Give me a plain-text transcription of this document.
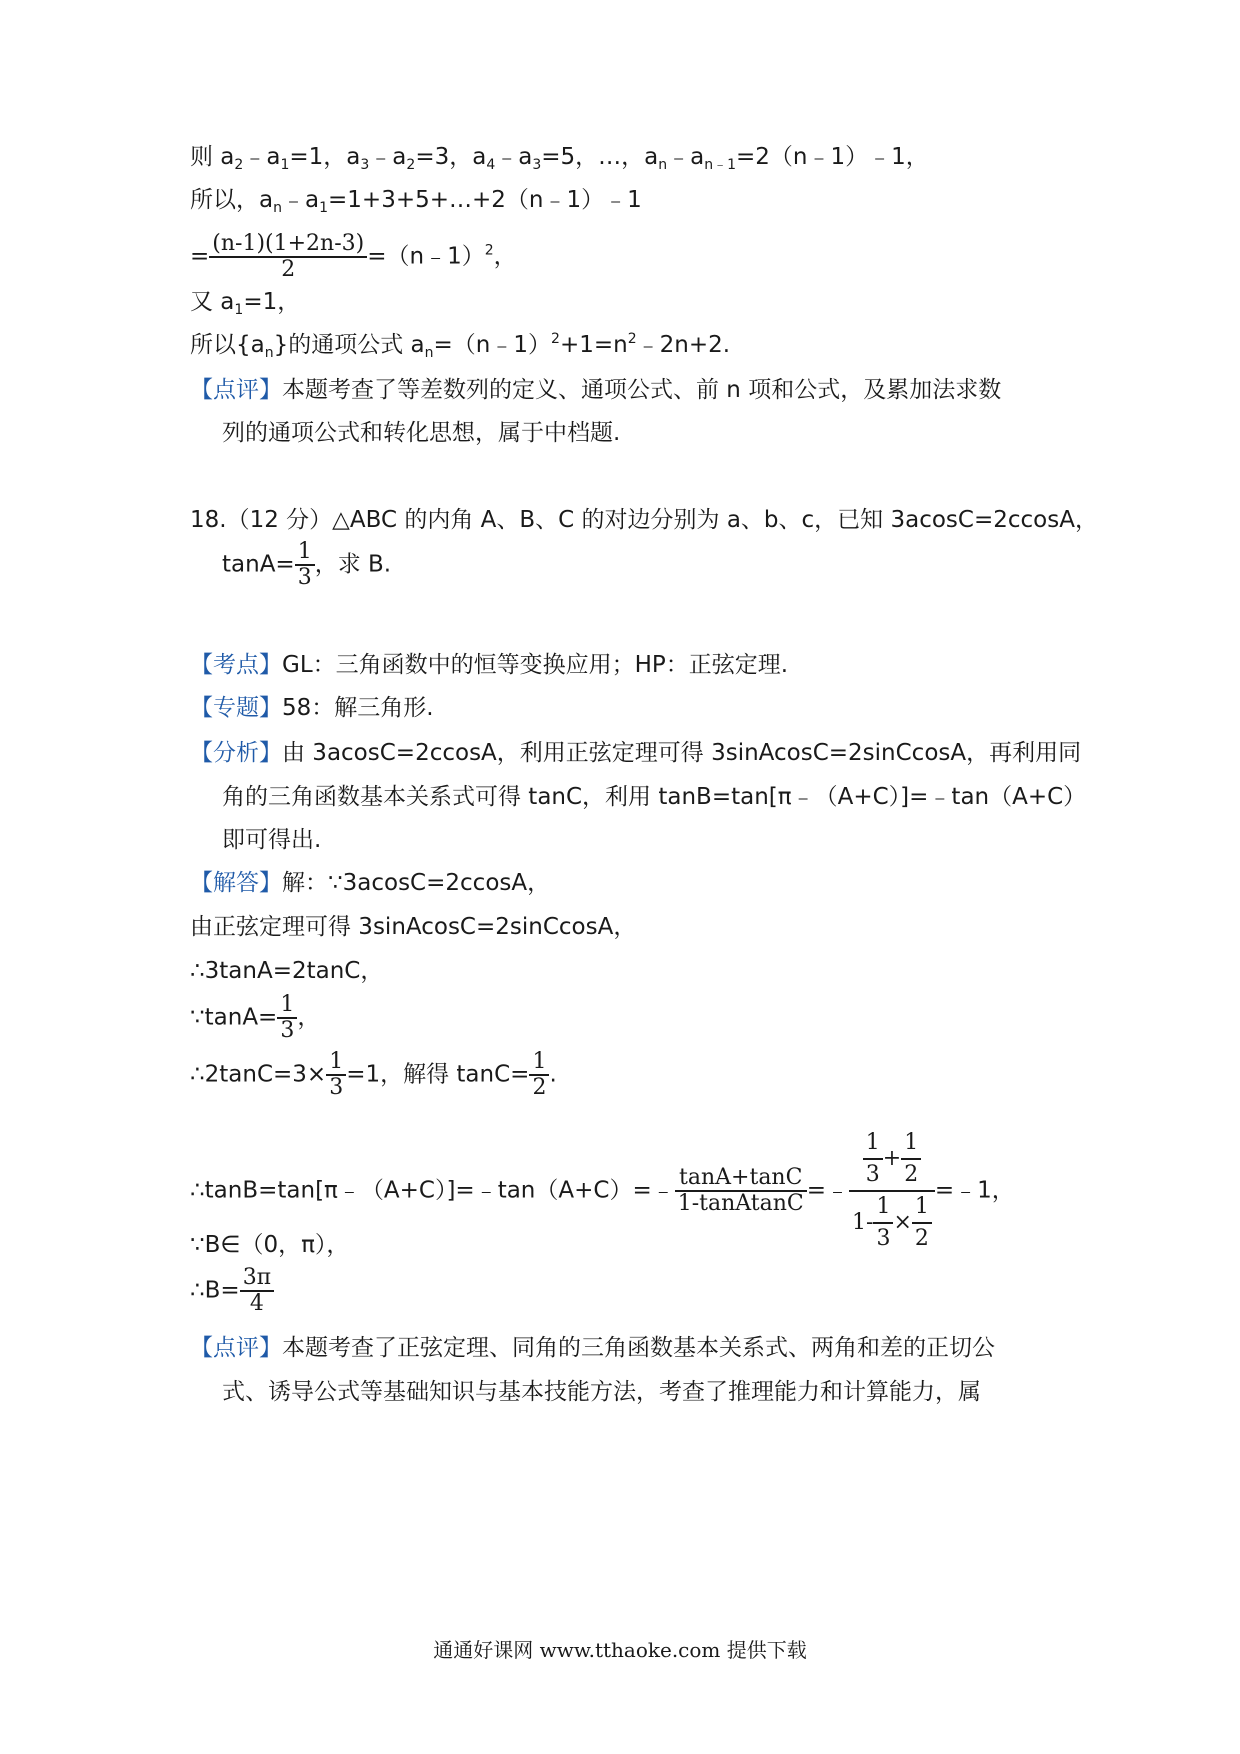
则 $a_2﹣a_1=1$，$a_3﹣a_2=3$，$a_4﹣a_3=5$，…，$a_n﹣a_{n﹣1}=2(n﹣1)﹣1$，
所以，$a_n﹣a_1=1+3+5+\dots+2(n﹣1)﹣1$
= $\frac{(n-1)(1+2n-3)}{2}$ =（n﹣1）$^2$，
又 $a_1=1$，
所以$\{a_n\}$的通项公式 $a_n=(n﹣1)^2+1=n^2﹣2n+2$.
【点评】本题考查了等差数列的定义、通项公式、前 n 项和公式，及累加法求数
列的通项公式和转化思想，属于中档题.
18.（12 分）△ABC 的内角 A、B、C 的对边分别为 a、b、c，已知 3acosC=2ccosA，
$\tan A= \frac{1}{3}$ ，求 B.
【考点】GL：三角函数中的恒等变换应用；HP：正弦定理.
【专题】58：解三角形.
【分析】由 3acosC=2ccosA，利用正弦定理可得 3sinAcosC=2sinCcosA，再利用同
角的三角函数基本关系式可得 tanC，利用 tanB=tan[π﹣（A+C）]=﹣tan（A+C）
即可得出.
【解答】解：∵3acosC=2ccosA，
由正弦定理可得 3sinAcosC=2sinCcosA，
∴3tanA=2tanC，
∵tanA= $\frac{1}{3}$ ，
∴2tanC=3× $\frac{1}{3} =1$，解得 $\tan C= \frac{1}{2}$ .
∴tanB=tan[π﹣（A+C）]=﹣tan（A+C）=﹣ $\frac{\tan A+\tan C}{\text{1-tanAtanC}}$ =﹣ $\frac{\frac{1}{3} + \frac{1}{2}}{1- \frac{1}{3} \times \frac{1}{2}}$ =﹣1，
∵B∈（0，π），
∴B= $\frac{3\pi}{4}$
【点评】本题考查了正弦定理、同角的三角函数基本关系式、两角和差的正切公
式、诱导公式等基础知识与基本技能方法，考查了推理能力和计算能力，属
通通好课网 www.tthaoke.com 提供下载
